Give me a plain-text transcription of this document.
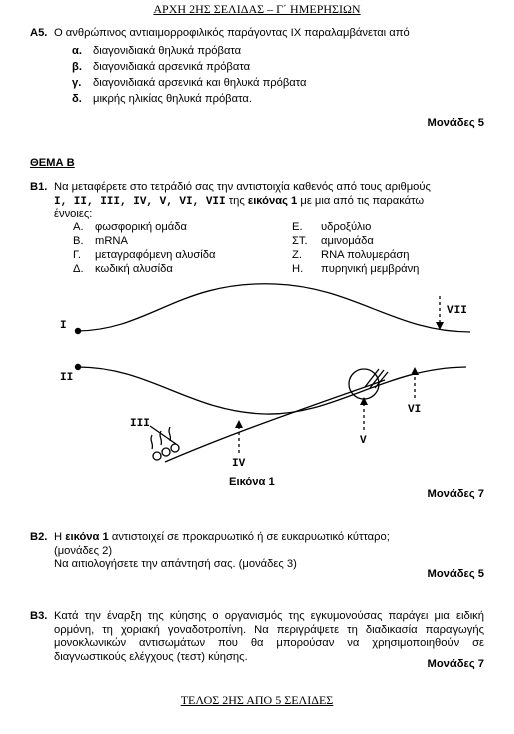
ΑΡΧΗ 2ΗΣ ΣΕΛΙΔΑΣ – Γ΄ ΗΜΕΡΗΣΙΩΝ
Α5. Ο ανθρώπινος αντιαιμορροφιλικός παράγοντας ΙΧ παραλαμβάνεται από
α. διαγονιδιακά θηλυκά πρόβατα
β. διαγονιδιακά αρσενικά πρόβατα
γ. διαγονιδιακά αρσενικά και θηλυκά πρόβατα
δ. μικρής ηλικίας θηλυκά πρόβατα.
Μονάδες 5
ΘΕΜΑ Β
Β1. Να μεταφέρετε στο τετράδιό σας την αντιστοιχία καθενός από τους αριθμούς
Ι, ΙΙ, ΙΙΙ, ΙV, V, VI, VII της εικόνας 1 με μια από τις παρακάτω
έννοιες:
Α. φωσφορική ομάδα
Β. mRNA
Γ. μεταγραφόμενη αλυσίδα
Δ. κωδική αλυσίδα
Ε. υδροξύλιο
ΣΤ. αμινομάδα
Ζ. RNA πολυμεράση
Η. πυρηνική μεμβράνη
I
II
III
IV
V
VI
VII
Εικόνα 1
Μονάδες 7
Β2. Η εικόνα 1 αντιστοιχεί σε προκαρυωτικό ή σε ευκαρυωτικό κύτταρο;
(μονάδες 2)
Να αιτιολογήσετε την απάντησή σας. (μονάδες 3)
Μονάδες 5
Β3. Κατά την έναρξη της κύησης ο οργανισμός της εγκυμονούσας παράγει μια ειδική ορμόνη, τη χοριακή γοναδοτροπίνη. Να περιγράψετε τη διαδικασία παραγωγής μονοκλωνικών αντισωμάτων που θα μπορούσαν να χρησιμοποιηθούν σε διαγνωστικούς ελέγχους (τεστ) κύησης.
Μονάδες 7
ΤΕΛΟΣ 2ΗΣ ΑΠΟ 5 ΣΕΛΙΔΕΣ
